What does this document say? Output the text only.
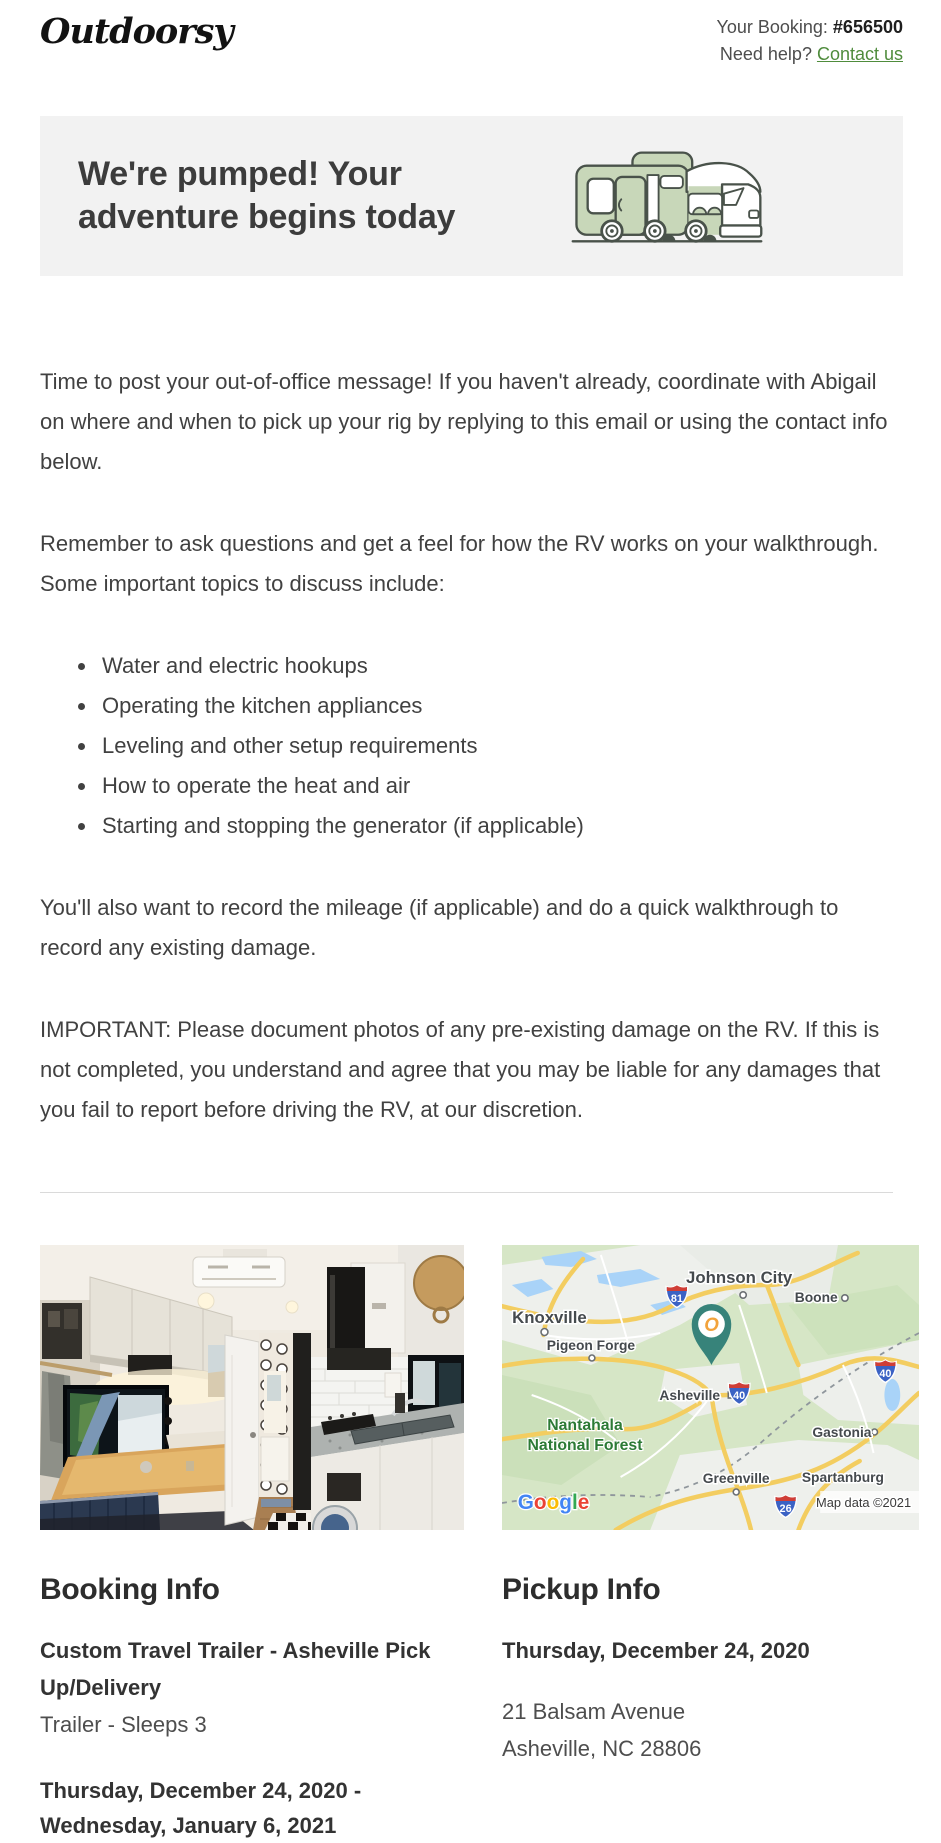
Outdoorsy	Your Booking: #656500
Need help? Contact us
We're pumped! Your adventure begins today

Time to post your out-of-office message! If you haven't already, coordinate with Abigail on where and when to pick up your rig by replying to this email or using the contact info below.

Remember to ask questions and get a feel for how the RV works on your walkthrough. Some important topics to discuss include:

• Water and electric hookups
• Operating the kitchen appliances
• Leveling and other setup requirements
• How to operate the heat and air
• Starting and stopping the generator (if applicable)

You'll also want to record the mileage (if applicable) and do a quick walkthrough to record any existing damage.

IMPORTANT: Please document photos of any pre-existing damage on the RV. If this is not completed, you understand and agree that you may be liable for any damages that you fail to report before driving the RV, at our discretion.

Booking Info
Custom Travel Trailer - Asheville Pick Up/Delivery
Trailer - Sleeps 3
Thursday, December 24, 2020 - Wednesday, January 6, 2021
Johnson City
Boone
Knoxville
Pigeon Forge
Asheville
Nantahala
National Forest
Gastonia
Greenville Spartanburg
81
40
40
26
O
Map data ©2021
Google
Pickup Info
Thursday, December 24, 2020
21 Balsam Avenue
Asheville, NC 28806
